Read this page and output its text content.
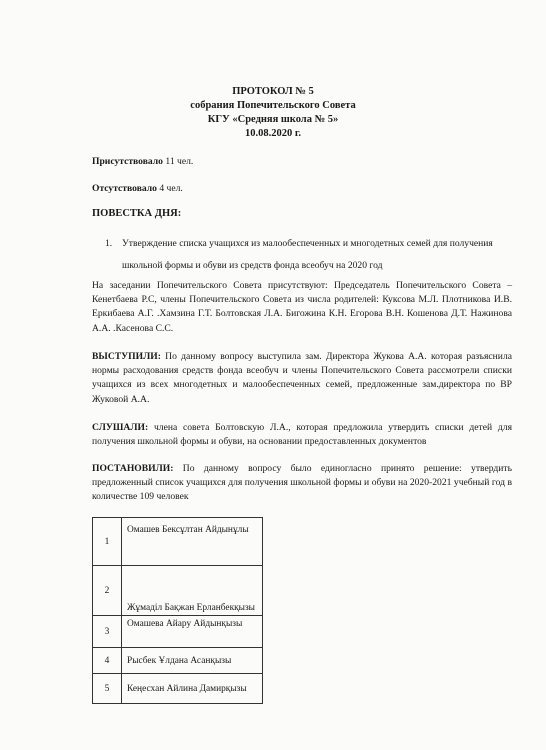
ПРОТОКОЛ № 5
собрания Попечительского Совета
КГУ «Средняя школа № 5»
10.08.2020 г.
Присутствовало 11 чел.
Отсутствовало 4 чел.
ПОВЕСТКА ДНЯ:
1. Утверждение списка учащихся из малообеспеченных и многодетных семей для получения школьной формы и обуви из средств фонда всеобуч на 2020 год
На заседании Попечительского Совета присутствуют: Председатель Попечительского Совета – Кенетбаева Р.С, члены Попечительского Совета из числа родителей: Куксова М.Л. Плотникова И.В. Еркибаева А.Г. .Хамзина Г.Т. Болтовская Л.А. Бигожина К.Н. Егорова В.Н. Кошенова Д.Т. Нажинова А.А. .Касенова С.С.
ВЫСТУПИЛИ: По данному вопросу выступила зам. Директора Жукова А.А. которая разъяснила нормы расходования средств фонда всеобуч и члены Попечительского Совета рассмотрели списки учащихся из всех многодетных и малообеспеченных семей, предложенные зам.директора по ВР Жуковой А.А.
СЛУШАЛИ: члена совета Болтовскую Л.А., которая предложила утвердить списки детей для получения школьной формы и обуви, на основании предоставленных документов
ПОСТАНОВИЛИ: По данному вопросу было единогласно принято решение: утвердить предложенный список учащихся для получения школьной формы и обуви на 2020-2021 учебный год в количестве 109 человек
1	Омашев Бексұлтан Айдынұлы
2	Жұмаділ Бақжан Ерланбекқызы
3	Омашева Айару Айдынқызы
4	Рысбек Ұлдана Асанқызы
5	Кеңесхан Айлина Дамирқызы
